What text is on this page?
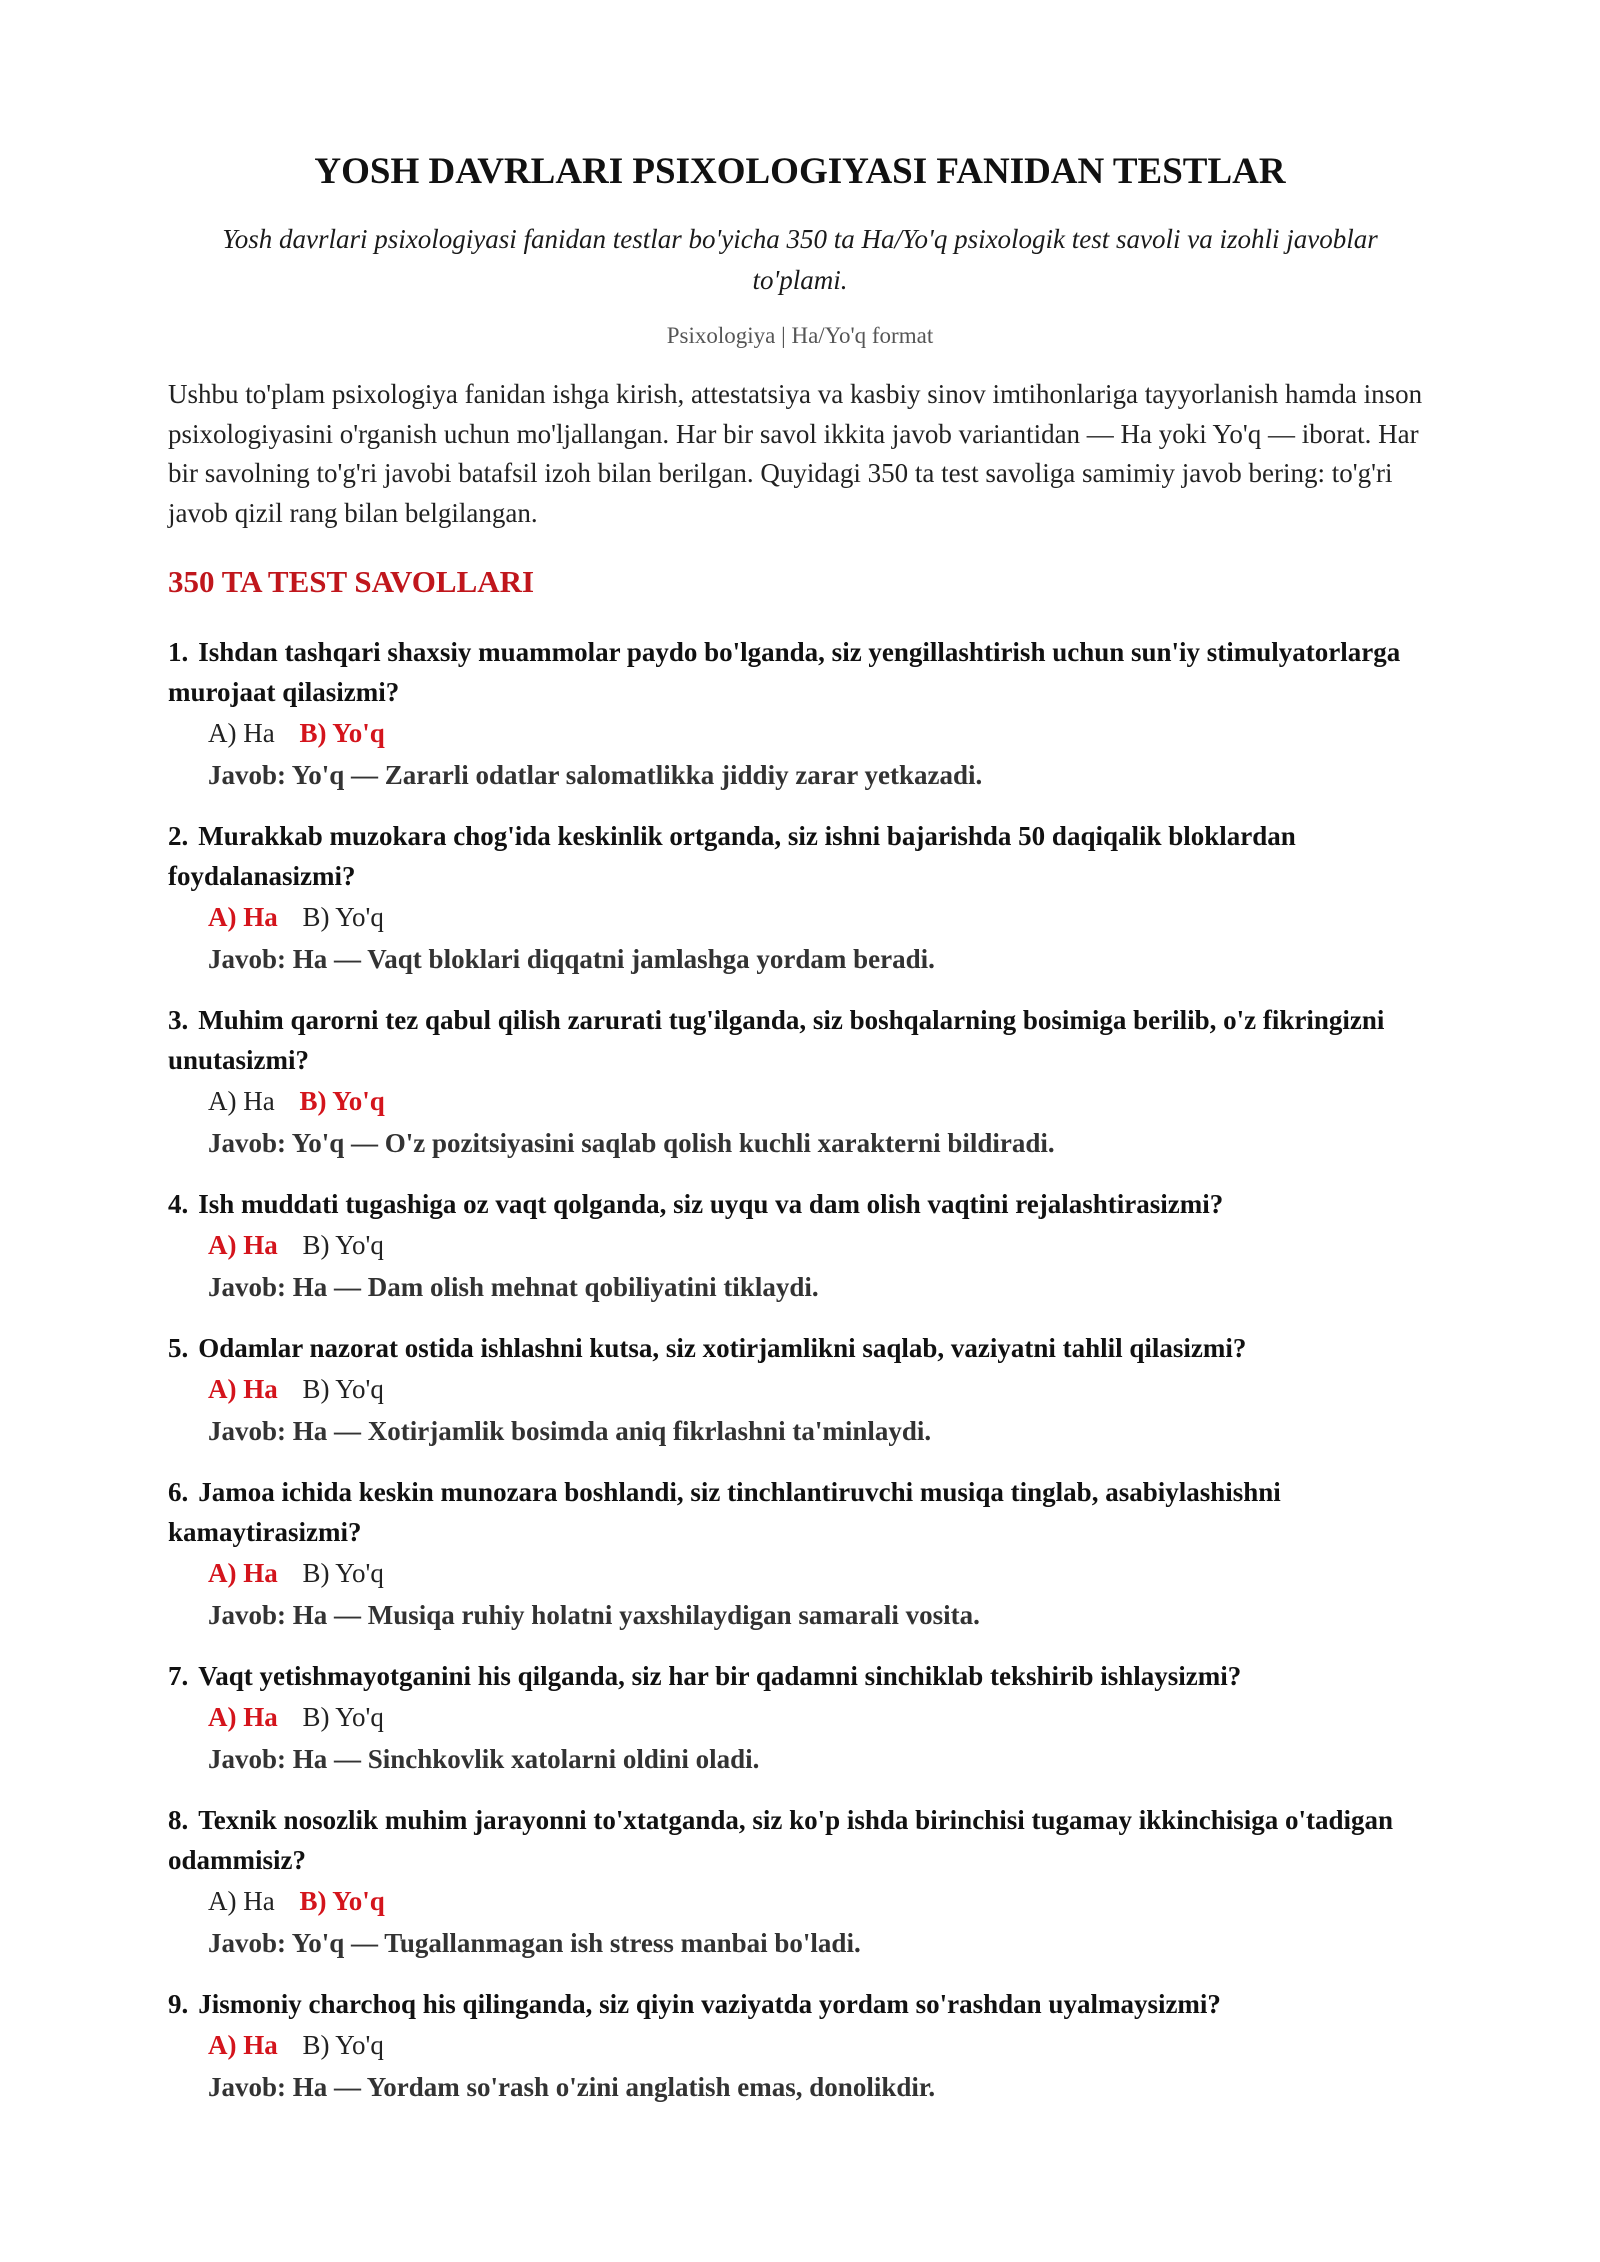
YOSH DAVRLARI PSIXOLOGIYASI FANIDAN TESTLAR
Yosh davrlari psixologiyasi fanidan testlar bo'yicha 350 ta Ha/Yo'q psixologik test savoli va izohli javoblar to'plami.
Psixologiya | Ha/Yo'q format
Ushbu to'plam psixologiya fanidan ishga kirish, attestatsiya va kasbiy sinov imtihonlariga tayyorlanish hamda inson psixologiyasini o'rganish uchun mo'ljallangan. Har bir savol ikkita javob variantidan — Ha yoki Yo'q — iborat. Har bir savolning to'g'ri javobi batafsil izoh bilan berilgan. Quyidagi 350 ta test savoliga samimiy javob bering: to'g'ri javob qizil rang bilan belgilangan.
350 TA TEST SAVOLLARI
1. Ishdan tashqari shaxsiy muammolar paydo bo'lganda, siz yengillashtirish uchun sun'iy stimulyatorlarga murojaat qilasizmi?
A) Ha B) Yo'q
Javob: Yo'q — Zararli odatlar salomatlikka jiddiy zarar yetkazadi.
2. Murakkab muzokara chog'ida keskinlik ortganda, siz ishni bajarishda 50 daqiqalik bloklardan foydalanasizmi?
A) Ha B) Yo'q
Javob: Ha — Vaqt bloklari diqqatni jamlashga yordam beradi.
3. Muhim qarorni tez qabul qilish zarurati tug'ilganda, siz boshqalarning bosimiga berilib, o'z fikringizni unutasizmi?
A) Ha B) Yo'q
Javob: Yo'q — O'z pozitsiyasini saqlab qolish kuchli xarakterni bildiradi.
4. Ish muddati tugashiga oz vaqt qolganda, siz uyqu va dam olish vaqtini rejalashtirasizmi?
A) Ha B) Yo'q
Javob: Ha — Dam olish mehnat qobiliyatini tiklaydi.
5. Odamlar nazorat ostida ishlashni kutsa, siz xotirjamlikni saqlab, vaziyatni tahlil qilasizmi?
A) Ha B) Yo'q
Javob: Ha — Xotirjamlik bosimda aniq fikrlashni ta'minlaydi.
6. Jamoa ichida keskin munozara boshlandi, siz tinchlantiruvchi musiqa tinglab, asabiylashishni kamaytirasizmi?
A) Ha B) Yo'q
Javob: Ha — Musiqa ruhiy holatni yaxshilaydigan samarali vosita.
7. Vaqt yetishmayotganini his qilganda, siz har bir qadamni sinchiklab tekshirib ishlaysizmi?
A) Ha B) Yo'q
Javob: Ha — Sinchkovlik xatolarni oldini oladi.
8. Texnik nosozlik muhim jarayonni to'xtatganda, siz ko'p ishda birinchisi tugamay ikkinchisiga o'tadigan odammisiz?
A) Ha B) Yo'q
Javob: Yo'q — Tugallanmagan ish stress manbai bo'ladi.
9. Jismoniy charchoq his qilinganda, siz qiyin vaziyatda yordam so'rashdan uyalmaysizmi?
A) Ha B) Yo'q
Javob: Ha — Yordam so'rash o'zini anglatish emas, donolikdir.
